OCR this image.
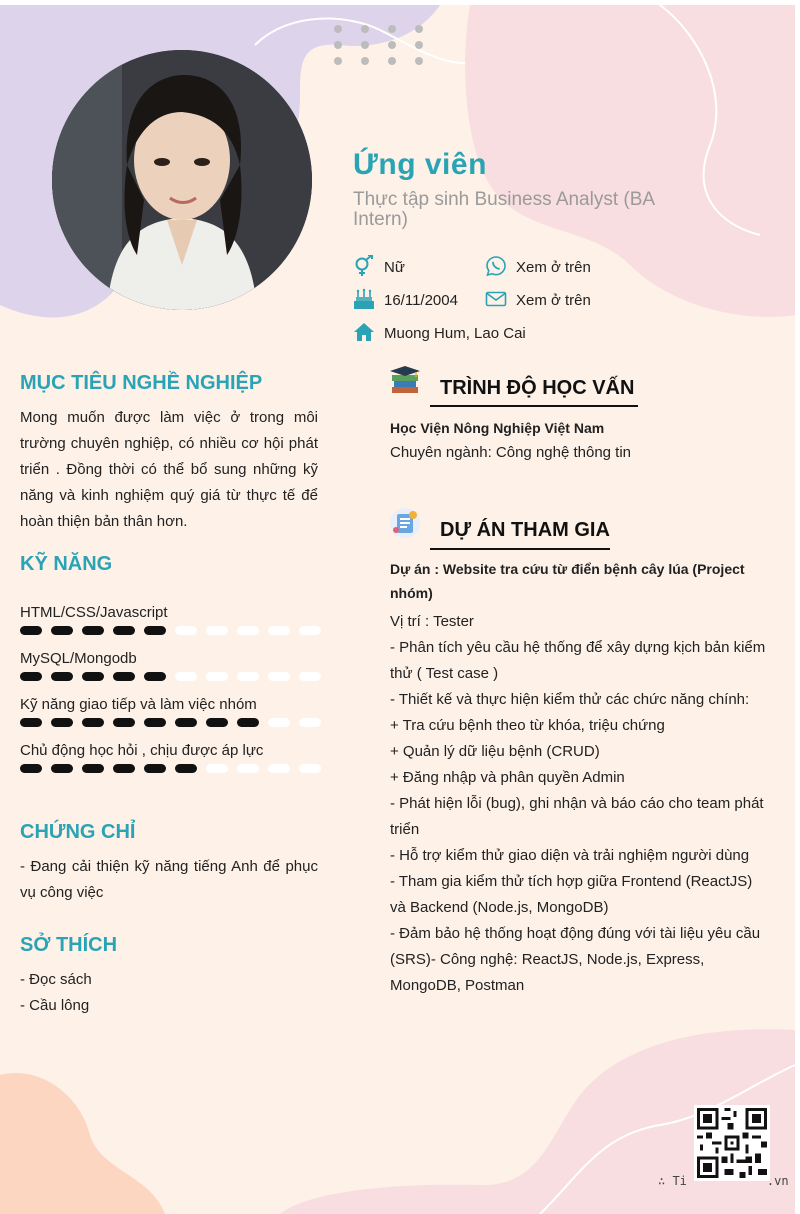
Ứng viên
Thực tập sinh Business Analyst (BA Intern)
Nữ	Xem ở trên
16/11/2004	Xem ở trên
Muong Hum, Lao Cai
MỤC TIÊU NGHỀ NGHIỆP
Mong muốn được làm việc ở trong môi trường chuyên nghiệp, có nhiều cơ hội phát triển . Đồng thời có thể bổ sung những kỹ năng và kinh nghiệm quý giá từ thực tế để hoàn thiện bản thân hơn.
KỸ NĂNG
HTML/CSS/Javascript
MySQL/Mongodb
Kỹ năng giao tiếp và làm việc nhóm
Chủ động học hỏi , chịu được áp lực
CHỨNG CHỈ
- Đang cải thiện kỹ năng tiếng Anh để phục vụ công việc
SỞ THÍCH
- Đọc sách
- Cầu lông
TRÌNH ĐỘ HỌC VẤN
Học Viện Nông Nghiệp Việt Nam
Chuyên ngành: Công nghệ thông tin
DỰ ÁN THAM GIA
Dự án : Website tra cứu từ điển bệnh cây lúa (Project nhóm)
Vị trí : Tester
- Phân tích yêu cầu hệ thống để xây dựng kịch bản kiểm thử ( Test case )
- Thiết kế và thực hiện kiểm thử các chức năng chính:
+ Tra cứu bệnh theo từ khóa, triệu chứng
+ Quản lý dữ liệu bệnh (CRUD)
+ Đăng nhập và phân quyền Admin
- Phát hiện lỗi (bug), ghi nhận và báo cáo cho team phát triển
- Hỗ trợ kiểm thử giao diện và trải nghiệm người dùng
- Tham gia kiểm thử tích hợp giữa Frontend (ReactJS) và Backend (Node.js, MongoDB)
- Đảm bảo hệ thống hoạt động đúng với tài liệu yêu cầu (SRS)- Công nghệ: ReactJS, Node.js, Express, MongoDB, Postman
∴ Ti	.vn
